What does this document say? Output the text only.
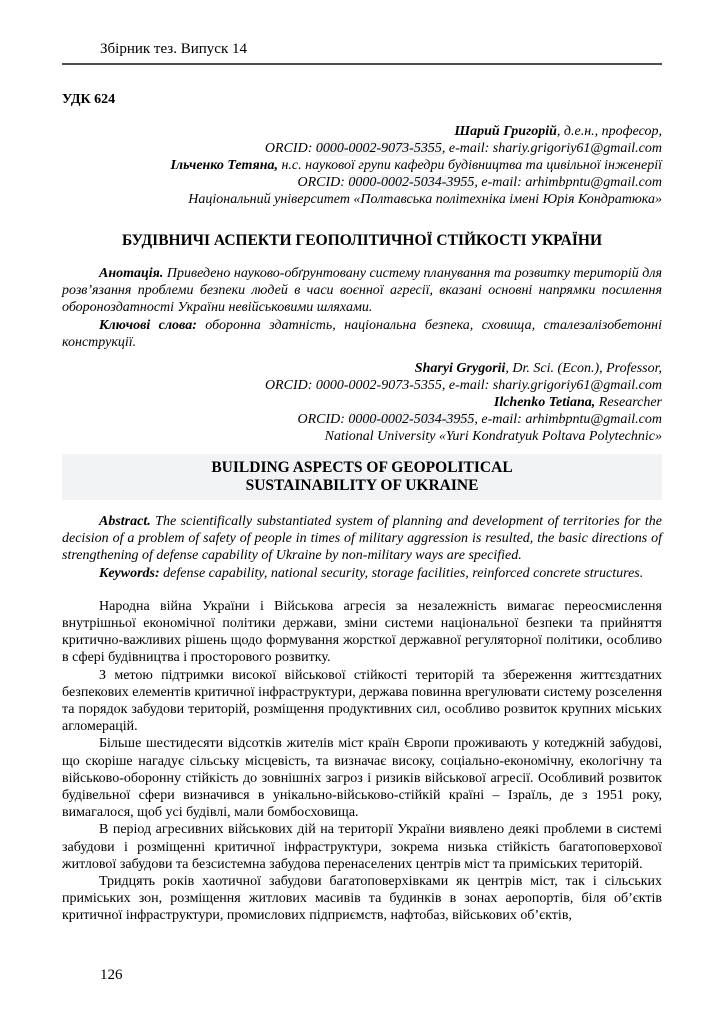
Збірник тез. Випуск 14

УДК 624

Шарий Григорій, д.е.н., професор,
ORCID: 0000-0002-9073-5355, e-mail: shariy.grigoriy61@gmail.com
Ільченко Тетяна, н.с. наукової групи кафедри будівництва та цивільної інженерії
ORCID: 0000-0002-5034-3955, e-mail: arhimbpntu@gmail.com
Національний університет «Полтавська політехніка імені Юрія Кондратюка»
БУДІВНИЧІ АСПЕКТИ ГЕОПОЛІТИЧНОЇ СТІЙКОСТІ УКРАЇНИ

Анотація. Приведено науково-обґрунтовану систему планування та розвитку територій для розв’язання проблеми безпеки людей в часи воєнної агресії, вказані основні напрямки посилення обороноздатності України невійськовими шляхами.

Ключові слова: оборонна здатність, національна безпека, сховища, сталезалізобетонні конструкції.

Sharyi Grygorii, Dr. Sci. (Econ.), Professor,
ORCID: 0000-0002-9073-5355, e-mail: shariy.grigoriy61@gmail.com
Ilchenko Tetiana, Researcher
ORCID: 0000-0002-5034-3955, e-mail: arhimbpntu@gmail.com
National University «Yuri Kondratyuk Poltava Polytechnic»
BUILDING ASPECTS OF GEOPOLITICAL
SUSTAINABILITY OF UKRAINE

Abstract. The scientifically substantiated system of planning and development of territories for the decision of a problem of safety of people in times of military aggression is resulted, the basic directions of strengthening of defense capability of Ukraine by non-military ways are specified.

Keywords: defense capability, national security, storage facilities, reinforced concrete structures.

Народна війна України і Військова агресія за незалежність вимагає переосмислення внутрішньої економічної політики держави, зміни системи національної безпеки та прийняття критично-важливих рішень щодо формування жорсткої державної регуляторної політики, особливо в сфері будівництва і просторового розвитку.

З метою підтримки високої військової стійкості територій та збереження життєздатних безпекових елементів критичної інфраструктури, держава повинна врегулювати систему розселення та порядок забудови територій, розміщення продуктивних сил, особливо розвиток крупних міських агломерацій.

Більше шестидесяти відсотків жителів міст країн Європи проживають у котеджній забудові, що скоріше нагадує сільську місцевість, та визначає високу, соціально-економічну, екологічну та військово-оборонну стійкість до зовнішніх загроз і ризиків військової агресії. Особливий розвиток будівельної сфери визначився в унікально-військово-стійкій країні – Ізраїль, де з 1951 року, вимагалося, щоб усі будівлі, мали бомбосховища.

В період агресивних військових дій на території України виявлено деякі проблеми в системі забудови і розміщенні критичної інфраструктури, зокрема низька стійкість багатоповерхової житлової забудови та безсистемна забудова перенаселених центрів міст та приміських територій.

Тридцять років хаотичної забудови багатоповерхівками як центрів міст, так і сільських приміських зон, розміщення житлових масивів та будинків в зонах аеропортів, біля об’єктів критичної інфраструктури, промислових підприємств, нафтобаз, військових об’єктів,

126
